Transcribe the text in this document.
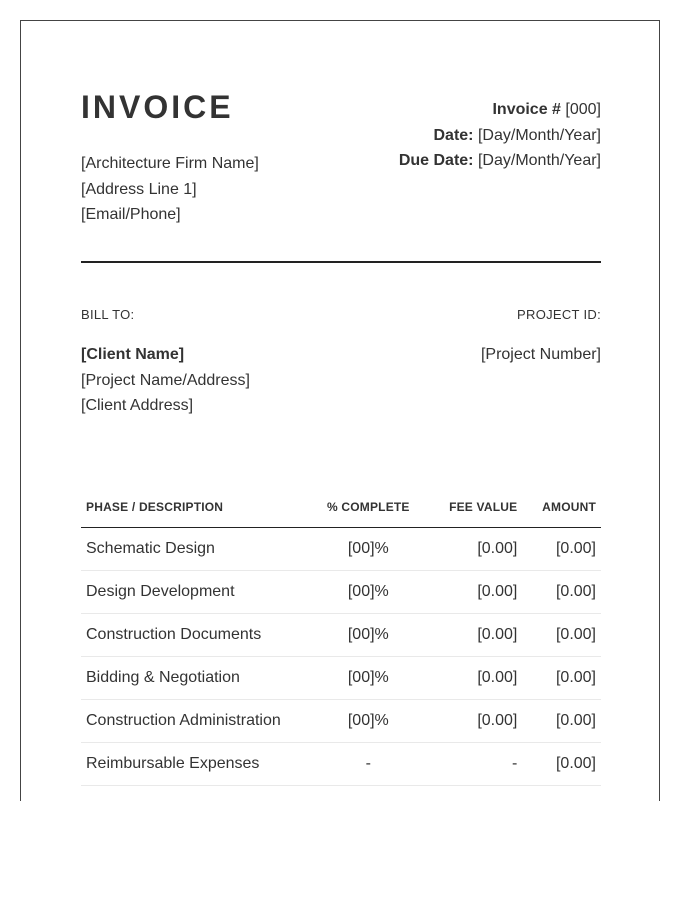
INVOICE
[Architecture Firm Name]
[Address Line 1]
[Email/Phone]
Invoice # [000]
Date: [Day/Month/Year]
Due Date: [Day/Month/Year]
BILL TO:	PROJECT ID:
[Client Name]
[Project Name/Address]
[Client Address]
[Project Number]
PHASE / DESCRIPTION	% COMPLETE	FEE VALUE	AMOUNT
Schematic Design	[00]%	[0.00]	[0.00]
Design Development	[00]%	[0.00]	[0.00]
Construction Documents	[00]%	[0.00]	[0.00]
Bidding & Negotiation	[00]%	[0.00]	[0.00]
Construction Administration	[00]%	[0.00]	[0.00]
Reimbursable Expenses	-	-	[0.00]
